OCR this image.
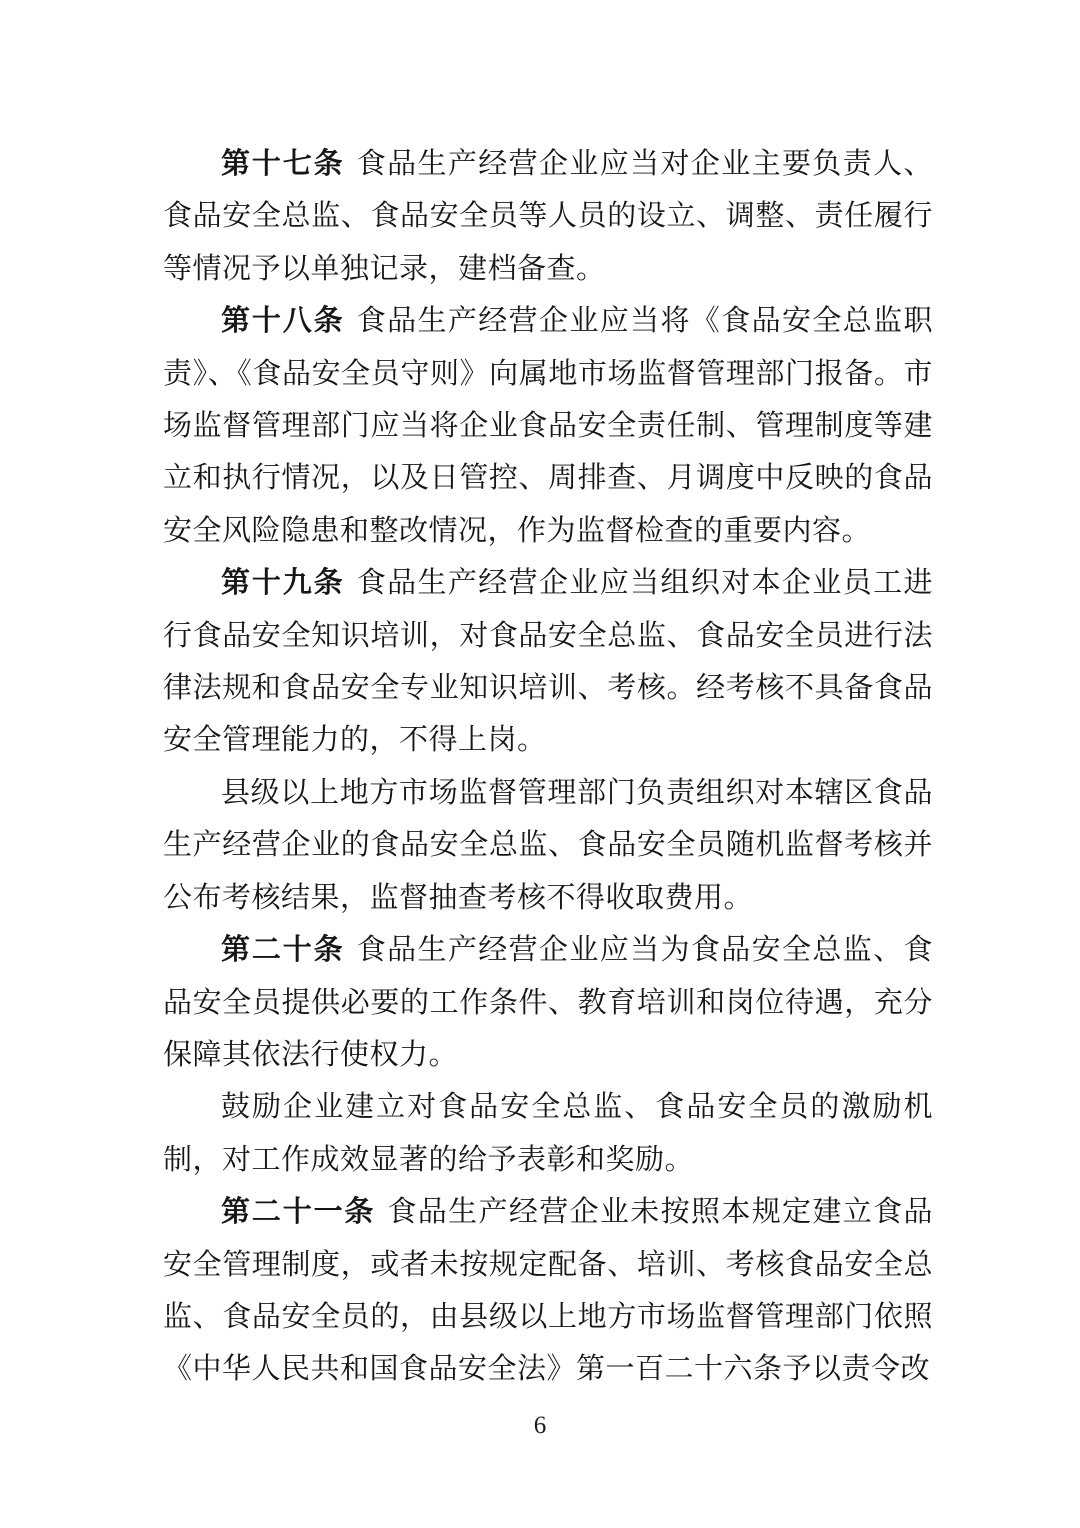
第十七条 食品生产经营企业应当对企业主要负责人、食品安全总监、食品安全员等人员的设立、调整、责任履行等情况予以单独记录，建档备查。

第十八条 食品生产经营企业应当将《食品安全总监职责》、《食品安全员守则》向属地市场监督管理部门报备。市场监督管理部门应当将企业食品安全责任制、管理制度等建立和执行情况，以及日管控、周排查、月调度中反映的食品安全风险隐患和整改情况，作为监督检查的重要内容。

第十九条 食品生产经营企业应当组织对本企业员工进行食品安全知识培训，对食品安全总监、食品安全员进行法律法规和食品安全专业知识培训、考核。经考核不具备食品安全管理能力的，不得上岗。

县级以上地方市场监督管理部门负责组织对本辖区食品生产经营企业的食品安全总监、食品安全员随机监督考核并公布考核结果，监督抽查考核不得收取费用。

第二十条 食品生产经营企业应当为食品安全总监、食品安全员提供必要的工作条件、教育培训和岗位待遇，充分保障其依法行使权力。

鼓励企业建立对食品安全总监、食品安全员的激励机制，对工作成效显著的给予表彰和奖励。

第二十一条 食品生产经营企业未按照本规定建立食品安全管理制度，或者未按规定配备、培训、考核食品安全总监、食品安全员的，由县级以上地方市场监督管理部门依照《中华人民共和国食品安全法》第一百二十六条予以责令改

6
